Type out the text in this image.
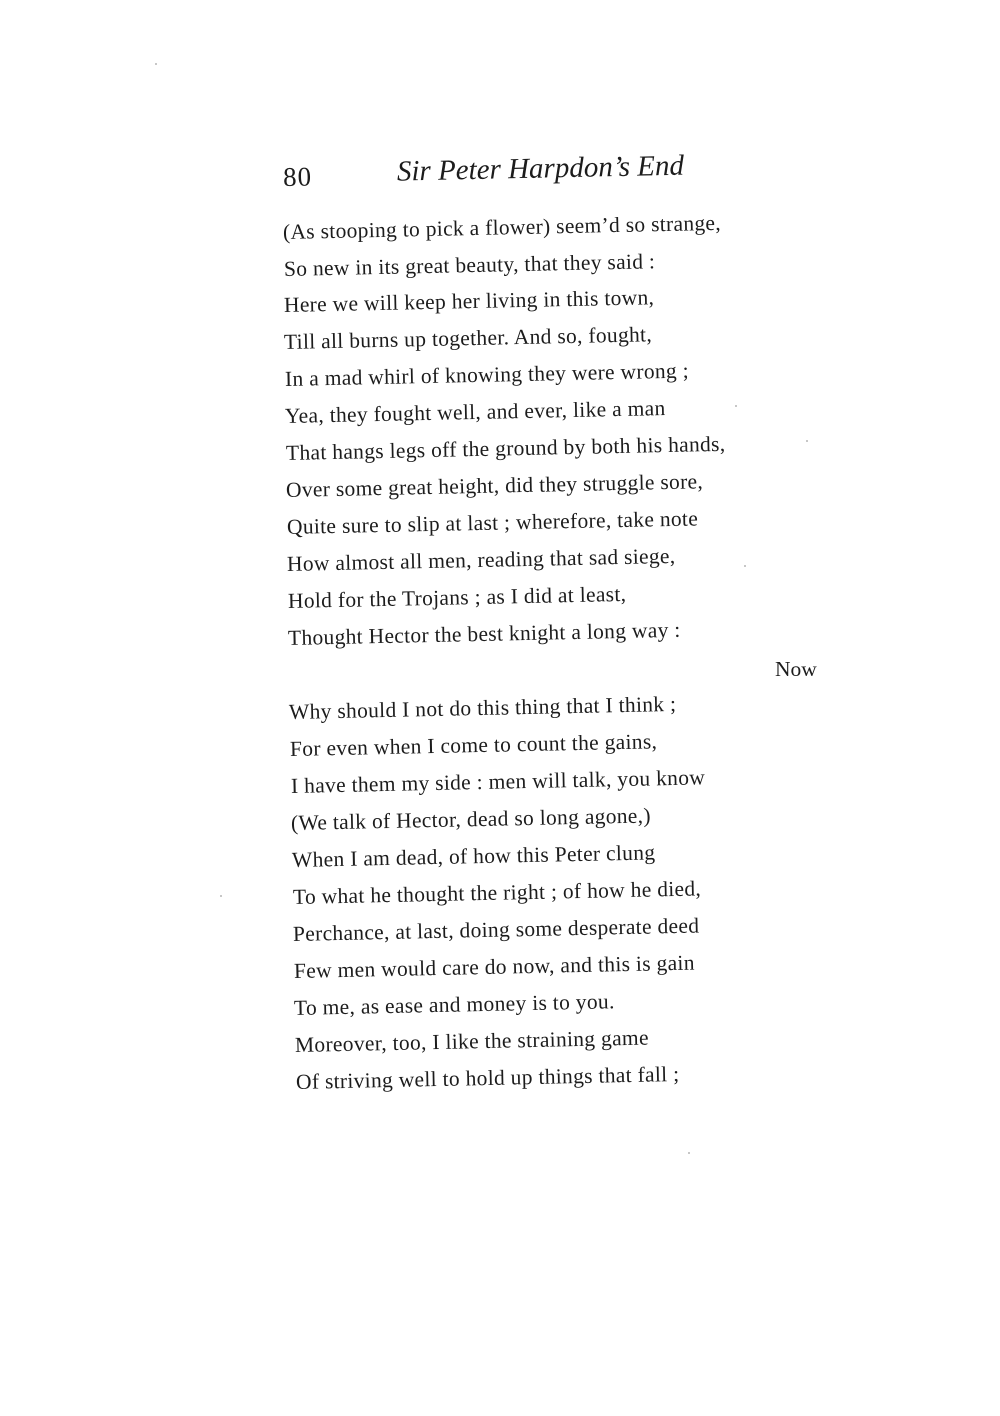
80	Sir Peter Harpdon’s End
(As stooping to pick a flower) seem’d so strange,
So new in its great beauty, that they said :
Here we will keep her living in this town,
Till all burns up together. And so, fought,
In a mad whirl of knowing they were wrong ;
Yea, they fought well, and ever, like a man
That hangs legs off the ground by both his hands,
Over some great height, did they struggle sore,
Quite sure to slip at last ; wherefore, take note
How almost all men, reading that sad siege,
Hold for the Trojans ; as I did at least,
Thought Hector the best knight a long way :
Now
Why should I not do this thing that I think ;
For even when I come to count the gains,
I have them my side : men will talk, you know
(We talk of Hector, dead so long agone,)
When I am dead, of how this Peter clung
To what he thought the right ; of how he died,
Perchance, at last, doing some desperate deed
Few men would care do now, and this is gain
To me, as ease and money is to you.
Moreover, too, I like the straining game
Of striving well to hold up things that fall ;
